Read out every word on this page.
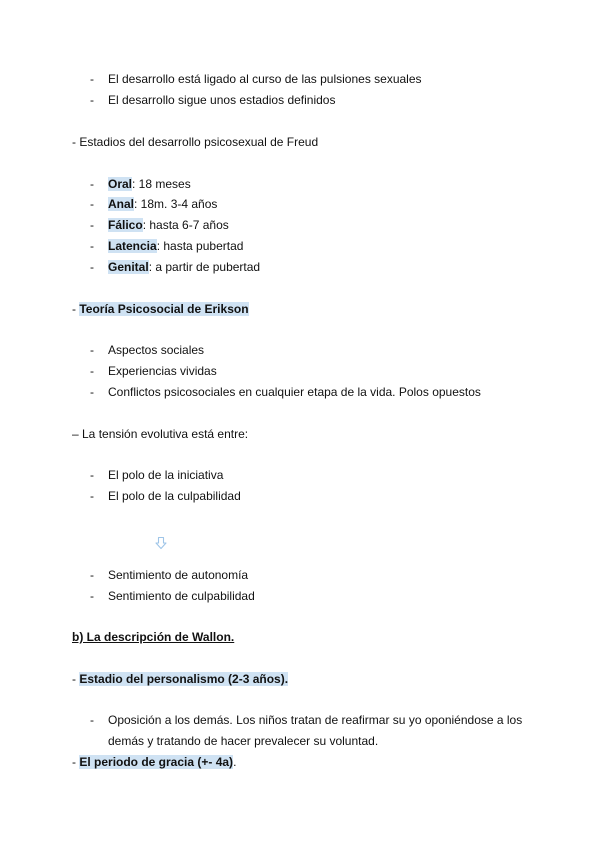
- El desarrollo está ligado al curso de las pulsiones sexuales
- El desarrollo sigue unos estadios definidos
- Estadios del desarrollo psicosexual de Freud
- Oral: 18 meses
- Anal: 18m. 3-4 años
- Fálico: hasta 6-7 años
- Latencia: hasta pubertad
- Genital: a partir de pubertad
- Teoría Psicosocial de Erikson
- Aspectos sociales
- Experiencias vividas
- Conflictos psicosociales en cualquier etapa de la vida. Polos opuestos
– La tensión evolutiva está entre:
- El polo de la iniciativa
- El polo de la culpabilidad
- Sentimiento de autonomía
- Sentimiento de culpabilidad
b) La descripción de Wallon.
- Estadio del personalismo (2-3 años).
- Oposición a los demás. Los niños tratan de reafirmar su yo oponiéndose a los
demás y tratando de hacer prevalecer su voluntad.
- El periodo de gracia (+- 4a).
